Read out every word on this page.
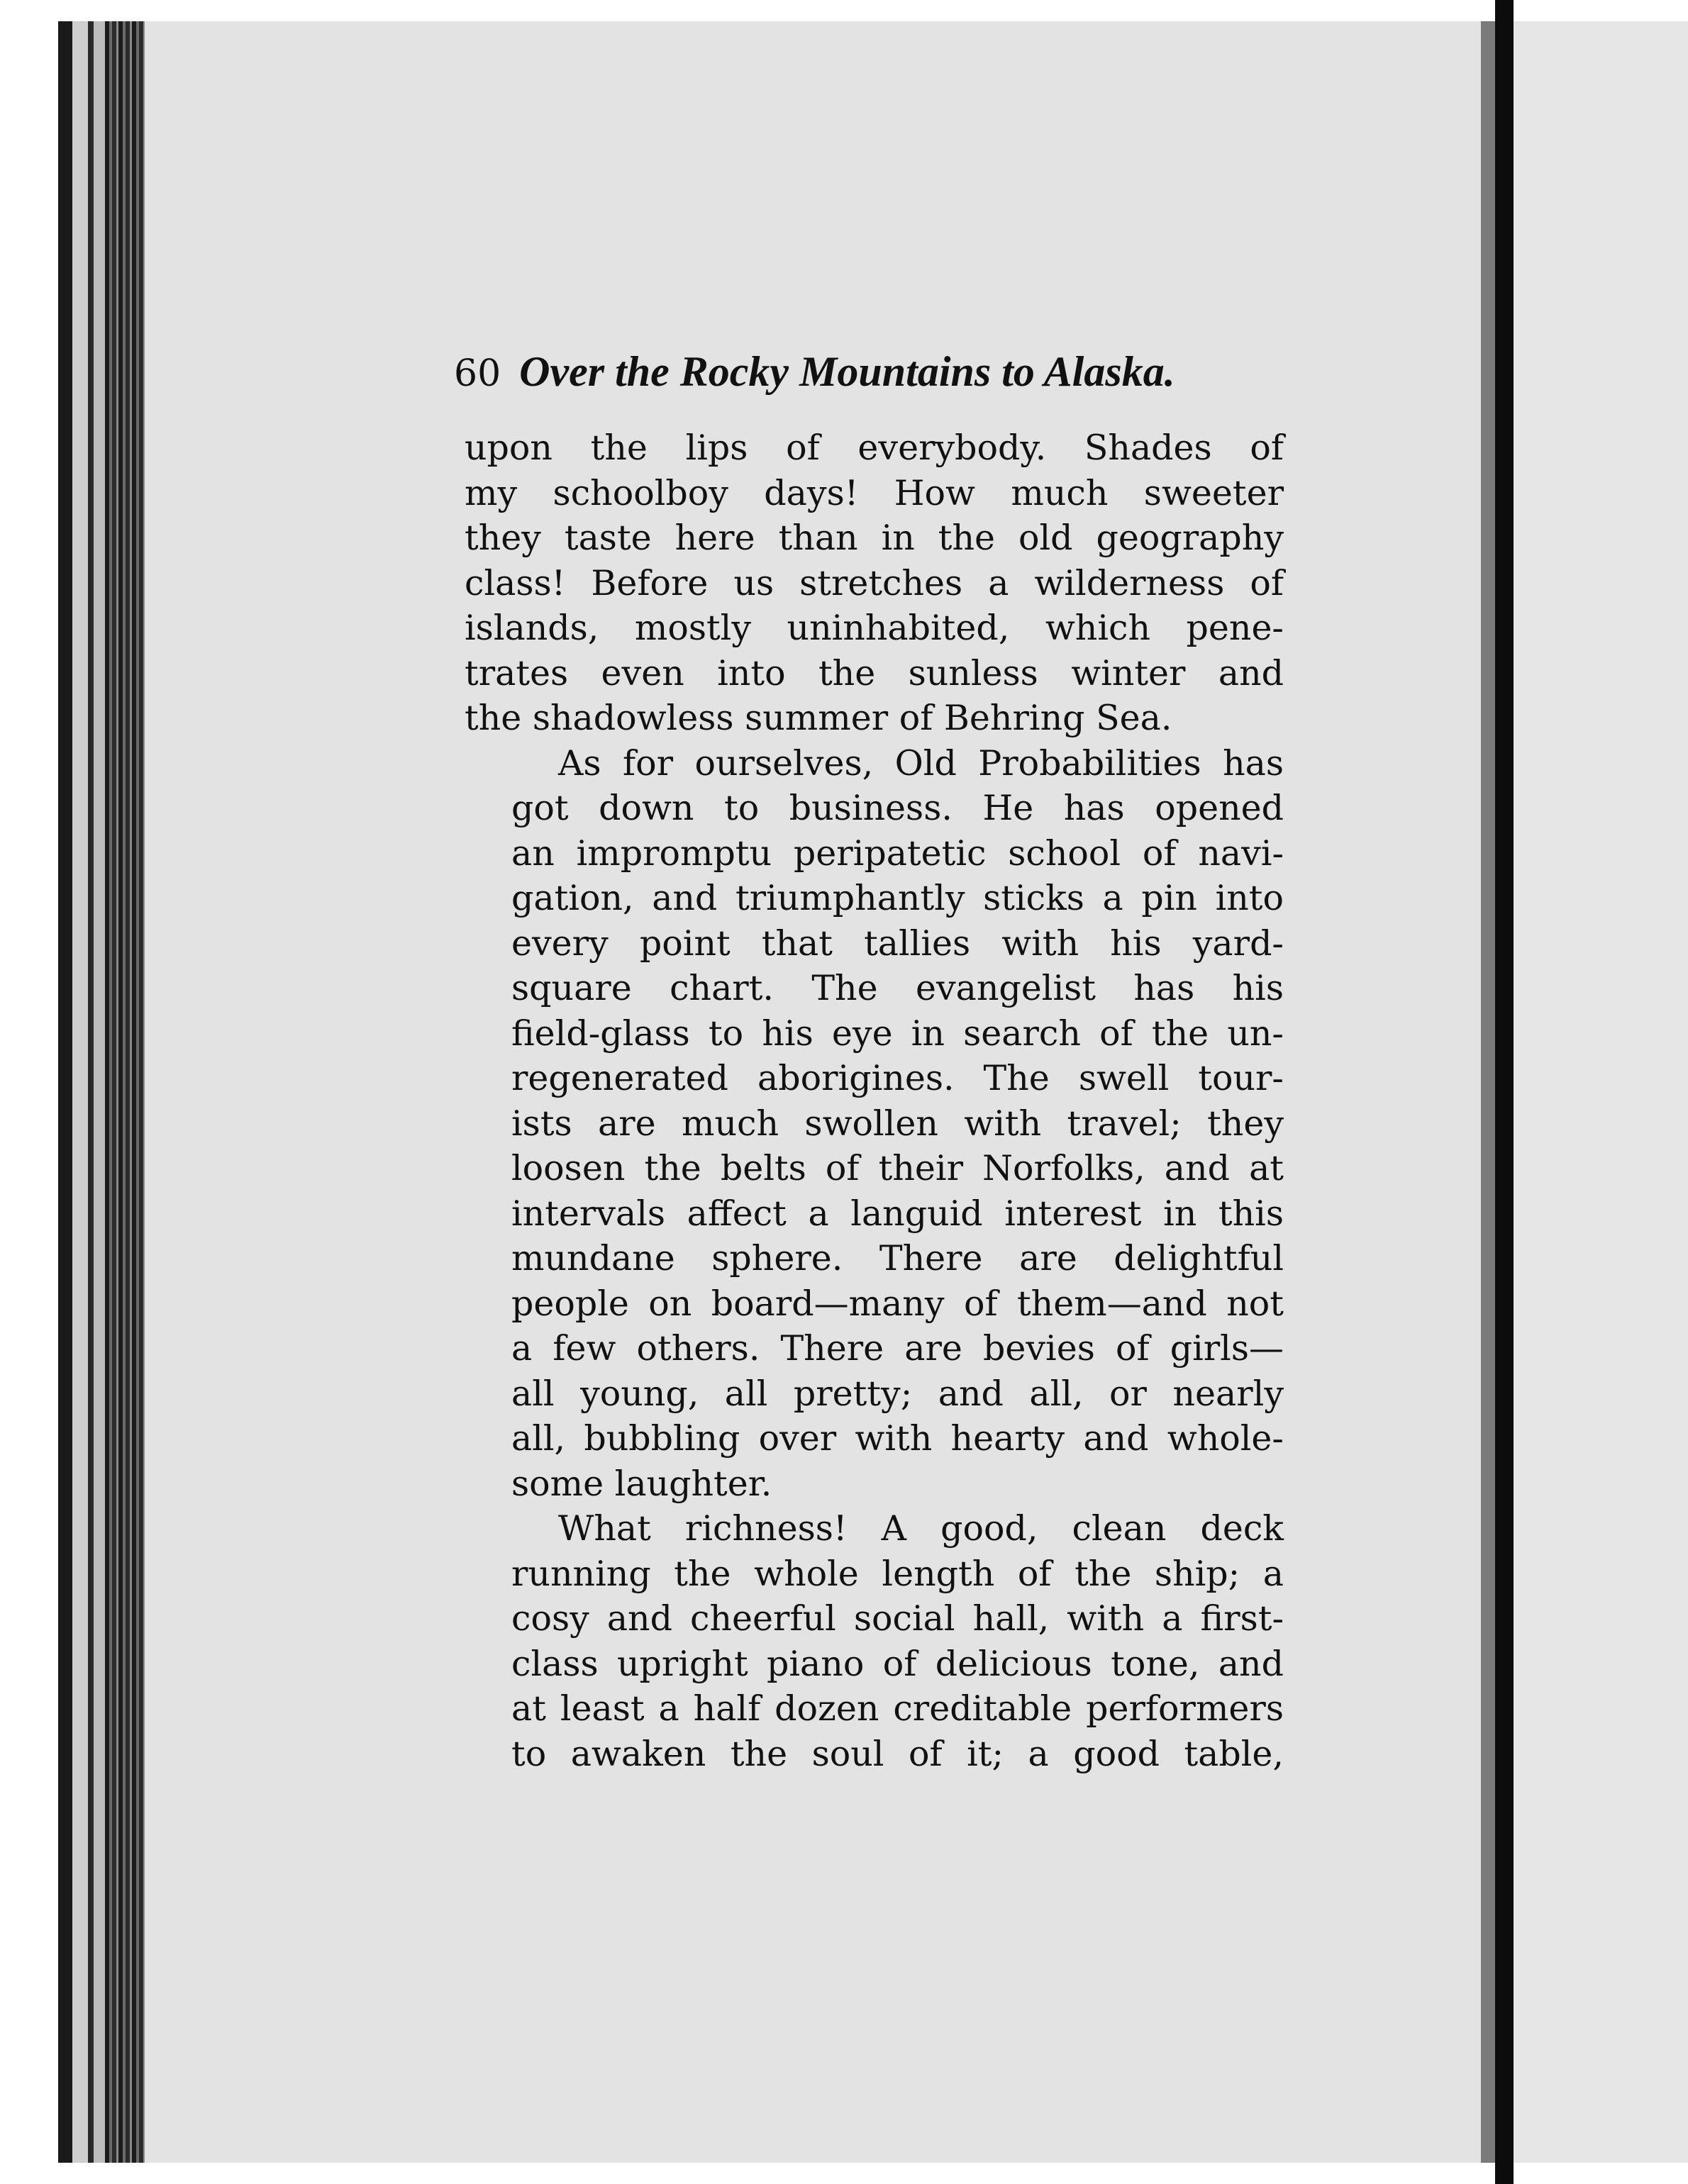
60 Over the Rocky Mountains to Alaska.

upon the lips of everybody. Shades of
my schoolboy days! How much sweeter
they taste here than in the old geography
class! Before us stretches a wilderness of
islands, mostly uninhabited, which pene-
trates even into the sunless winter and
the shadowless summer of Behring Sea.

As for ourselves, Old Probabilities has
got down to business. He has opened
an impromptu peripatetic school of navi-
gation, and triumphantly sticks a pin into
every point that tallies with his yard-
square chart. The evangelist has his
field-glass to his eye in search of the un-
regenerated aborigines. The swell tour-
ists are much swollen with travel; they
loosen the belts of their Norfolks, and at
intervals affect a languid interest in this
mundane sphere. There are delightful
people on board—many of them—and not
a few others. There are bevies of girls—
all young, all pretty; and all, or nearly
all, bubbling over with hearty and whole-
some laughter.

What richness! A good, clean deck
running the whole length of the ship; a
cosy and cheerful social hall, with a first-
class upright piano of delicious tone, and
at least a half dozen creditable performers
to awaken the soul of it; a good table,
